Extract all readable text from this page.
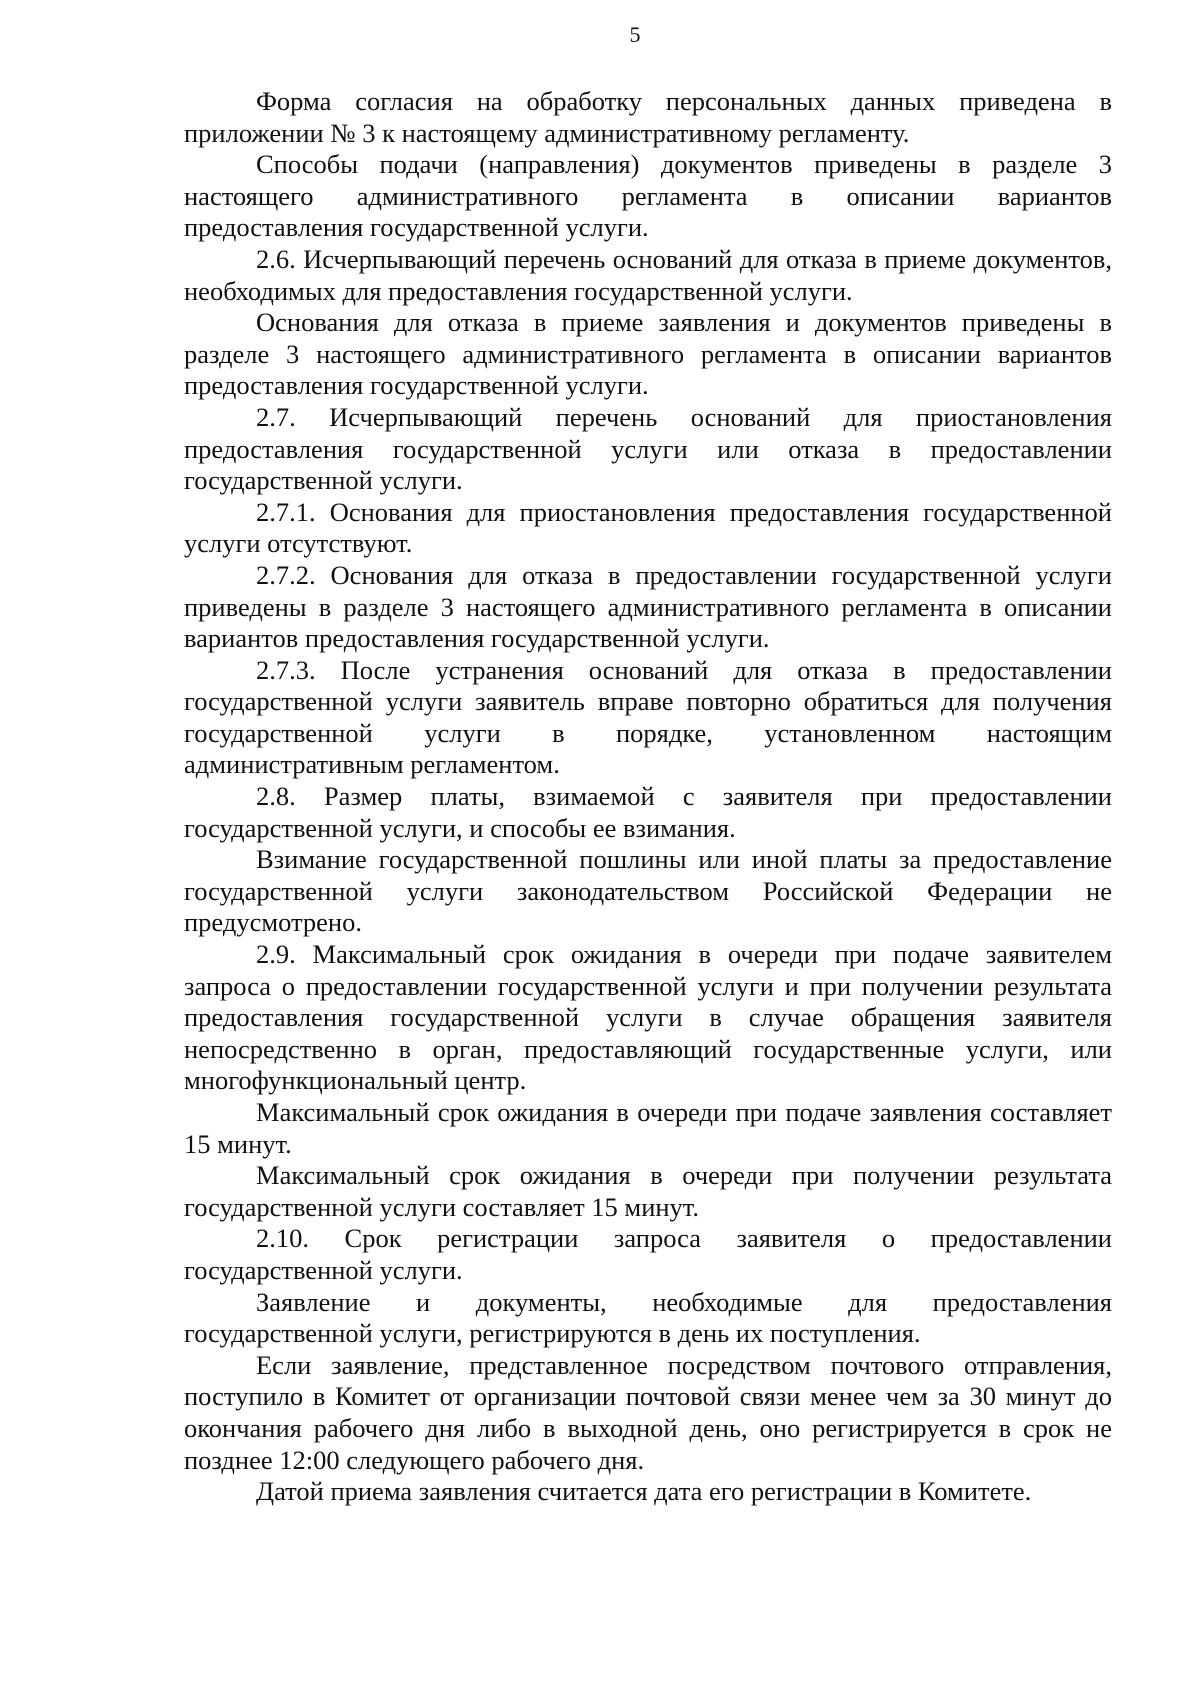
5

Форма согласия на обработку персональных данных приведена в приложении № 3 к настоящему административному регламенту.

Способы подачи (направления) документов приведены в разделе 3 настоящего административного регламента в описании вариантов предоставления государственной услуги.

2.6. Исчерпывающий перечень оснований для отказа в приеме документов, необходимых для предоставления государственной услуги.

Основания для отказа в приеме заявления и документов приведены в разделе 3 настоящего административного регламента в описании вариантов предоставления государственной услуги.

2.7. Исчерпывающий перечень оснований для приостановления предоставления государственной услуги или отказа в предоставлении государственной услуги.

2.7.1. Основания для приостановления предоставления государственной услуги отсутствуют.

2.7.2. Основания для отказа в предоставлении государственной услуги приведены в разделе 3 настоящего административного регламента в описании вариантов предоставления государственной услуги.

2.7.3. После устранения оснований для отказа в предоставлении государственной услуги заявитель вправе повторно обратиться для получения государственной услуги в порядке, установленном настоящим административным регламентом.

2.8. Размер платы, взимаемой с заявителя при предоставлении государственной услуги, и способы ее взимания.

Взимание государственной пошлины или иной платы за предоставление государственной услуги законодательством Российской Федерации не предусмотрено.

2.9. Максимальный срок ожидания в очереди при подаче заявителем запроса о предоставлении государственной услуги и при получении результата предоставления государственной услуги в случае обращения заявителя непосредственно в орган, предоставляющий государственные услуги, или многофункциональный центр.

Максимальный срок ожидания в очереди при подаче заявления составляет 15 минут.

Максимальный срок ожидания в очереди при получении результата государственной услуги составляет 15 минут.

2.10. Срок регистрации запроса заявителя о предоставлении государственной услуги.

Заявление и документы, необходимые для предоставления государственной услуги, регистрируются в день их поступления.

Если заявление, представленное посредством почтового отправления, поступило в Комитет от организации почтовой связи менее чем за 30 минут до окончания рабочего дня либо в выходной день, оно регистрируется в срок не позднее 12:00 следующего рабочего дня.

Датой приема заявления считается дата его регистрации в Комитете.
